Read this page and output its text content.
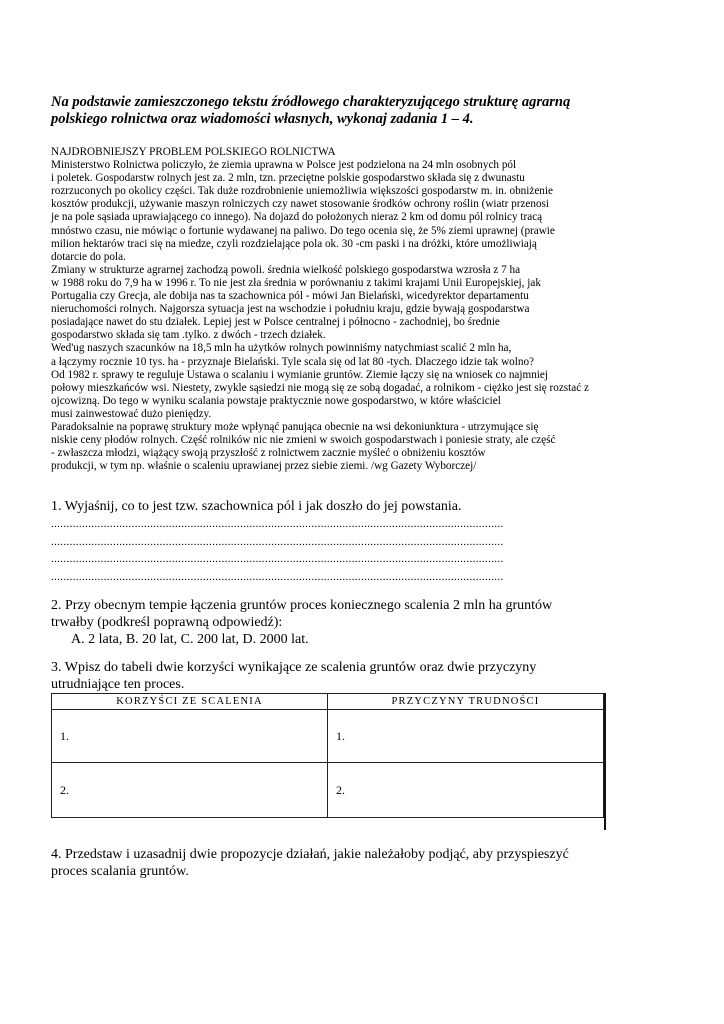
Na podstawie zamieszczonego tekstu źródłowego charakteryzującego strukturę agrarną
polskiego rolnictwa oraz wiadomości własnych, wykonaj zadania 1 – 4.
NAJDROBNIEJSZY PROBLEM POLSKIEGO ROLNICTWA
Ministerstwo Rolnictwa policzyło, że ziemia uprawna w Polsce jest podzielona na 24 mln osobnych pól
i poletek. Gospodarstw rolnych jest za. 2 mln, tzn. przeciętne polskie gospodarstwo składa się z dwunastu
rozrzuconych po okolicy części. Tak duże rozdrobnienie uniemożliwia większości gospodarstw m. in. obniżenie
kosztów produkcji, używanie maszyn rolniczych czy nawet stosowanie środków ochrony roślin (wiatr przenosi
je na pole sąsiada uprawiającego co innego). Na dojazd do położonych nieraz 2 km od domu pól rolnicy tracą
mnóstwo czasu, nie mówiąc o fortunie wydawanej na paliwo. Do tego ocenia się, że 5% ziemi uprawnej (prawie
milion hektarów traci się na miedze, czyli rozdzielające pola ok. 30 -cm paski i na dróżki, które umożliwiają
dotarcie do pola.
Zmiany w strukturze agrarnej zachodzą powoli. średnia wielkość polskiego gospodarstwa wzrosła z 7 ha
w 1988 roku do 7,9 ha w 1996 r. To nie jest zła średnia w porównaniu z takimi krajami Unii Europejskiej, jak
Portugalia czy Grecja, ale dobija nas ta szachownica pól - mówi Jan Bielański, wicedyrektor departamentu
nieruchomości rolnych. Najgorsza sytuacja jest na wschodzie i południu kraju, gdzie bywają gospodarstwa
posiadające nawet do stu działek. Lepiej jest w Polsce centralnej i północno - zachodniej, bo średnie
gospodarstwo składa się tam .tylko. z dwóch - trzech działek.
Wed'ug naszych szacunków na 18,5 mln ha użytków rolnych powinniśmy natychmiast scalić 2 mln ha,
a łączymy rocznie 10 tys. ha - przyznaje Bielański. Tyle scala się od lat 80 -tych. Dlaczego idzie tak wolno?
Od 1982 r. sprawy te reguluje Ustawa o scalaniu i wymianie gruntów. Ziemie łączy się na wniosek co najmniej
połowy mieszkańców wsi. Niestety, zwykle sąsiedzi nie mogą się ze sobą dogadać, a rolnikom - ciężko jest się rozstać z
ojcowizną. Do tego w wyniku scalania powstaje praktycznie nowe gospodarstwo, w które właściciel
musi zainwestować dużo pieniędzy.
Paradoksalnie na poprawę struktury może wpłynąć panująca obecnie na wsi dekoniunktura - utrzymujące się
niskie ceny płodów rolnych. Część rolników nic nie zmieni w swoich gospodarstwach i poniesie straty, ale część
- zwłaszcza młodzi, wiążący swoją przyszłość z rolnictwem zacznie myśleć o obniżeniu kosztów
produkcji, w tym np. właśnie o scaleniu uprawianej przez siebie ziemi. /wg Gazety Wyborczej/
1. Wyjaśnij, co to jest tzw. szachownica pól i jak doszło do jej powstania.
..................................................................................................................................................
..................................................................................................................................................
..................................................................................................................................................
..................................................................................................................................................
2. Przy obecnym tempie łączenia gruntów proces koniecznego scalenia 2 mln ha gruntów
trwałby (podkreśl poprawną odpowiedź):
A. 2 lata, B. 20 lat, C. 200 lat, D. 2000 lat.
3. Wpisz do tabeli dwie korzyści wynikające ze scalenia gruntów oraz dwie przyczyny
utrudniające ten proces.
KORZYŚCI ZE SCALENIA	PRZYCZYNY TRUDNOŚCI
1.	1.
2.	2.
4. Przedstaw i uzasadnij dwie propozycje działań, jakie należałoby podjąć, aby przyspieszyć
proces scalania gruntów.
